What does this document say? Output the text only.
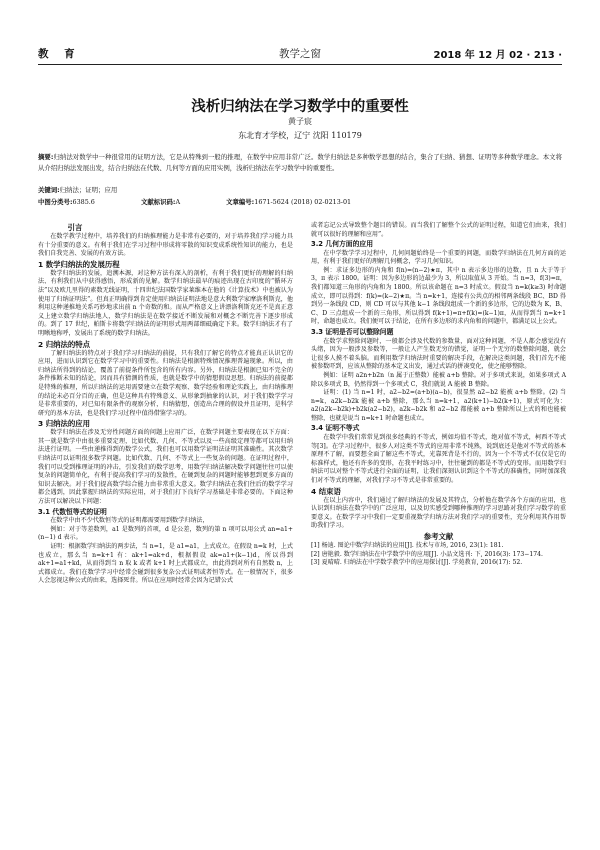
教 育	教学之窗	2018 年 12 月 02 · 213 ·
浅析归纳法在学习数学中的重要性
黄子宸
东北育才学校，辽宁 沈阳 110179
摘要:归纳法对数学中一种很常用的证明方法，它是从特殊到一般的推理，在数学中应用非常广泛。数学归纳法是多种数学思想的结合，集合了归纳、猜想、证明等多种数学理念。本文将从介绍归纳法发展出发，结合归纳法在代数、几何等方面的应用实例，浅析归纳法在学习数学中的重要性。
关键词:归纳法；证明；应用
中图分类号:6385.6	文献标识码:A	文章编号:1671-5624 (2018) 02-0213-01
引言

在数学教学过程中，培养我们的归纳推理能力是非常有必要的，对于培养我们学习能力具有十分重要的意义。有利于我们在学习过程中形成将零散的知识变成系统性知识的能力，也是我们自我完善、发展的有效方法。

1 数学归纳法的发展历程

数学归纳法的发展，追溯本源，对这种方法有深入的剖析，有利于我们更好的理解的归纳法、有利我们从中获得感悟，形成新的见解。数学归纳法最早的痕迹出现在古印度的“循环方法”以及欧几里得的素数无线证明，十四世纪法国数学家莱维本在他的《计算技术》中也被认为使用了归纳证明法“。但真正明确得到肯定使用归纳法证明法地是意大利数学家摩洛利斯克，他利用这种递推地关系巧妙地求出前 n 个奇数的和。而从严格意义上讲漂洛利斯克还不是真正意义上建立数学归纳法地人，数学归纳法是在数学接近不断发展和对概念不断完善下逐步形成的。到了 17 世纪，帕斯卡将数学归纳法的证明形式用两部细砥确定下来。数学归纳法才有了明晰地称呼，发展出了系统的数学归纳法。

2 归纳法的特点

了解归纳法的特点对于我们学习归纳法的前提，只有我们了解它的特点才能真正认识它的应用，进而认识到它在数学学习中的重要性。归纳法是根据特殊情况推理普遍现象。所以，由归纳法所得到的结论，覆盖了前提条件所包含的所有内容。另外，归纳法是根据已知不完全的条件推断未知的结论，因而具有猜测的性质，也就是数学中的猜想假设思想。归纳法的前提都是特殊的推理，所以归纳法的运用需要建立在数学观察、数学经验和理论实践上，由归纳推理的结论未必百分百的正确，但是这种具有特殊意义、从形象到抽象的认识，对于我们数学学习是非常重要的，对已知有限条件的观察分析，归纳猜想，创造出合理的假设并且证明，是科学研究的基本方法，也是我们学习过程中值得借鉴学习的。

3 归纳法的应用

数学归纳法在涉及无穷性问题方面的问题上应用广泛，在数学问题主要表现在以下方面：其一就是数学中由很多重要定理，比如代数、几何、不等式以及一些高级定理等都可以用归纳法进行证明。一些由递推得到的数学公式，我们也可以用数学证明法证明其准确性。其次数学归纳法可以证明很多数学问题。比如代数、几何、不等式上一些复杂的问题。在证明过程中，我们可以受到推理证明的冲击，引发我们的数学思考，用数学归纳法解决数学问题往往可以使复杂的问题简单化，有利于提高我们学习的发散性，在硬到复杂的问题时能够想到更多方面的知识去解决。对于我们提高数学综合能力由非常重大意义。数学归纳法在我们往后的数学学习都会遇到，因此掌握归纳法的实际应用，对于我们打下良好学习基础是非常必要的。下面这种方法可以解决以下问题：

3.1 代数恒等式的证明

在数学中由不少代数恒等式的证明都需要用到数学归纳法，

例如：对于等差数列，a1 是数列的首项，d 是公差，数列的第 n 项可以用公式 an=a1+(n−1) d 表示。

证明：根据数学归纳法的两步法，当 n=1，是 a1=a1，上式成立。在假设 n=k 时，上式也成立，那么当 n=k+1 有：ak+1=ak+d，根据假设 ak=a1+(k−1)d，所以得到 ak+1=a1+kd，从而得到当 n 取 k 或者 k+1 时上式都成立，由此得到对所有自然数 n，上式都成立。我们在数学学习中经常会碰到很多复杂公式证明或者恒等式。在一般情况下，很多人会忽视这种公式的由来，选择死背。所以在应用时经常会因为记错公式

或者忘记公式导致整个题目的错误。而当我们了解整个公式的证明过程，知道它们由来，我们就可以很好的理解和应用”。

3.2 几何方面的应用

在中学数学学习过程中，几何问题始终是一个重要的问题，而数学归纳法在几何方面的运用，有利于我们更好的理解几何概念，学习几何知识。

例：求证多边形的内角和 f(n)=(n−2)★π，其中 n 表示多边形的边数，且 n 大于等于 3，π 表示 1800。证明：因为多边形的边最少为 3，所以取值从 3 开始。当 n=3，f(3)=π，我们都知道三角形的内角和为 1800。所以该命题在 n=3 时成立。假设当 n=k(k≥3) 时命题成立，即可以得到：f(k)=(k−2)★π。当 n=k+1，连接有公共点的相邻两条线段 BC、BD 得到另一条线段 CD，则 CD 可以与其他 k−1 条线段组成一个新的多边形，它的边数为 K，B、C、D 三点组成一个新的三角形，所以得到 f(k+1)=π+f(k)=(k−1)π，从而得到当 n=k+1 时，命题也成立。我们便可以于结论，在所有多边形的求内角和的问题中，都满足以上公式。

3.3 证明是否可以整除问题

在数学求整除问题时，一般都会涉及代数的参数量，面对这种问题，不是人都会感觉没有头绪，因为一般涉及参数等，一般让人产生数无穷的错觉，证明一个无穷的数整除问题，就会让很多人摸不着头脑。而利用数学归纳法时重要的解决手段，在解决这类问题，我们首先不能被参数吓到，应该从整除的基本定义出发，通过式话的拼凑变化，使之能够整除。

例如：证明 a2n+b2n（n 属于正整数）能被 a+b 整除。对于多项式来说，如果多项式 A 除以多项式 B，仍然得到一个多项式 C，我们就说 A 能被 B 整除。

证明：(1) 当 n=1 时，a2−b2=(a+b)(a−b)，很显然 a2−b2 能被 a+b 整除。(2) 当 n=k，a2k−b2k 能被 a+b 整除，那么当 n=k+1，a2(k+1)−b2(k+1)，原式可化为：a2(a2k−b2k)+b2k(a2−b2)，a2k−b2k 和 a2−b2 都能被 a+b 整除所以上式的和也能被整除，也就是说当 n=k+1 时命题也成立。

3.4 证明不等式

在数学中我们常常见到很多经典的不等式，例如均值不等式，绝对值不等式，柯西不等式等[3]。在学习过程中，很多人对这类不等式的应用非常不纯熟，说到底还是他对不等式的基本原理不了解，而要想全面了解这些不等式，光靠死背是不行的，因为一个不等式不仅仅是它的标准样式，他还有许多的变形，在我平时练习中，往往碰到的都是不等式的变形。而用数学归纳法可以对整个不等式进行全面的证明，让我们深刻认识到这个不等式的准确性，同时加深我们对不等式的理解，对我们学习不等式是非常重要的。

4 结束语

在以上内容中，我们通过了解归纳法的发展及其特点，分析他在数学各个方面的应用，也认识到归纳法在数学中的广泛应用，以及切实感受到哪种推理的学习思路对我们学习数学的重要意义。在数学学习中我们一定要重视数学归纳方法对我们学习的重要性，充分利用其作用帮助我们学习。

参考文献

[1] 杨迪. 图论中数学归纳法的应用[J]. 技术与市场, 2016, 23(1): 181.

[2] 唐艳毅. 数学归纳法在中学数学中的应用[J]. 小品文选刊: 下, 2016(3): 173−174.

[3] 夏晴晴. 归纳法在中学数学教学中的应用探讨[J]. 学苑教育, 2016(17): 52.
